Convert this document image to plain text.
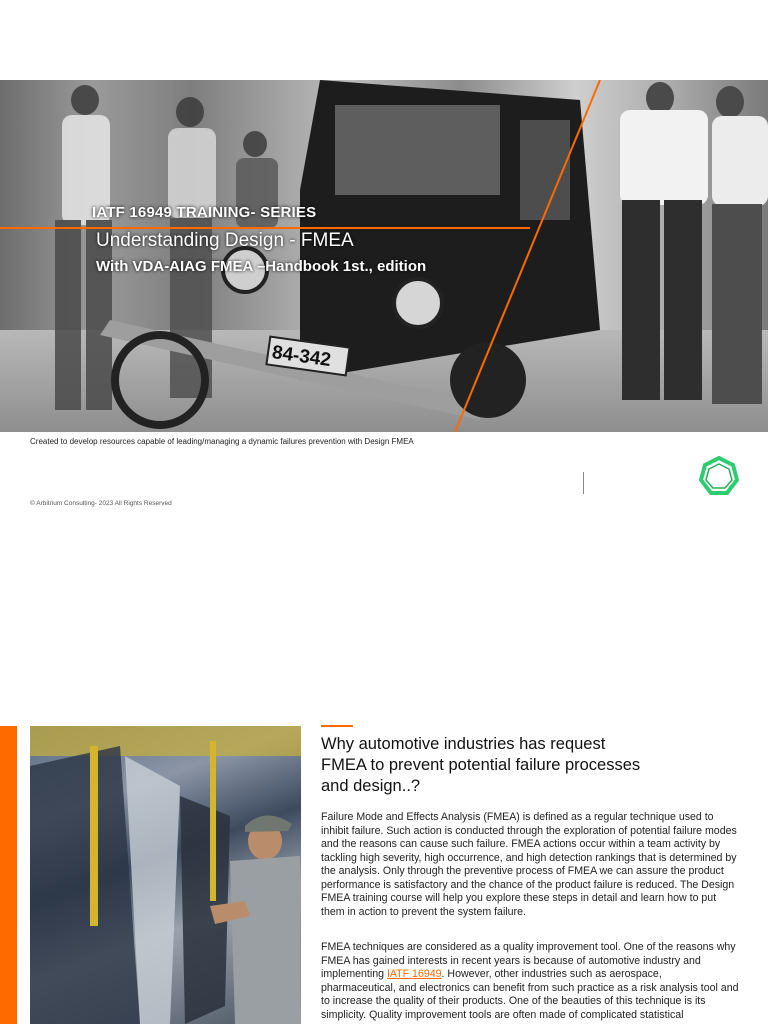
84-342
IATF 16949 TRAINING- SERIES
Understanding Design - FMEA
With VDA-AIAG FMEA –Handbook 1st., edition
Created to develop resources capable of leading/managing a dynamic failures prevention with Design FMEA
© Arbitrium Consulting- 2023 All Rights Reserved
Why automotive industries has request FMEA to prevent potential failure processes and design..?

Failure Mode and Effects Analysis (FMEA) is defined as a regular technique used to inhibit failure. Such action is conducted through the exploration of potential failure modes and the reasons can cause such failure. FMEA actions occur within a team activity by tackling high severity, high occurrence, and high detection rankings that is determined by the analysis. Only through the preventive process of FMEA we can assure the product performance is satisfactory and the chance of the product failure is reduced. The Design FMEA training course will help you explore these steps in detail and learn how to put them in action to prevent the system failure.

FMEA techniques are considered as a quality improvement tool. One of the reasons why FMEA has gained interests in recent years is because of automotive industry and implementing IATF 16949. However, other industries such as aerospace, pharmaceutical, and electronics can benefit from such practice as a risk analysis tool and to increase the quality of their products. One of the beauties of this technique is its simplicity. Quality improvement tools are often made of complicated statistical
